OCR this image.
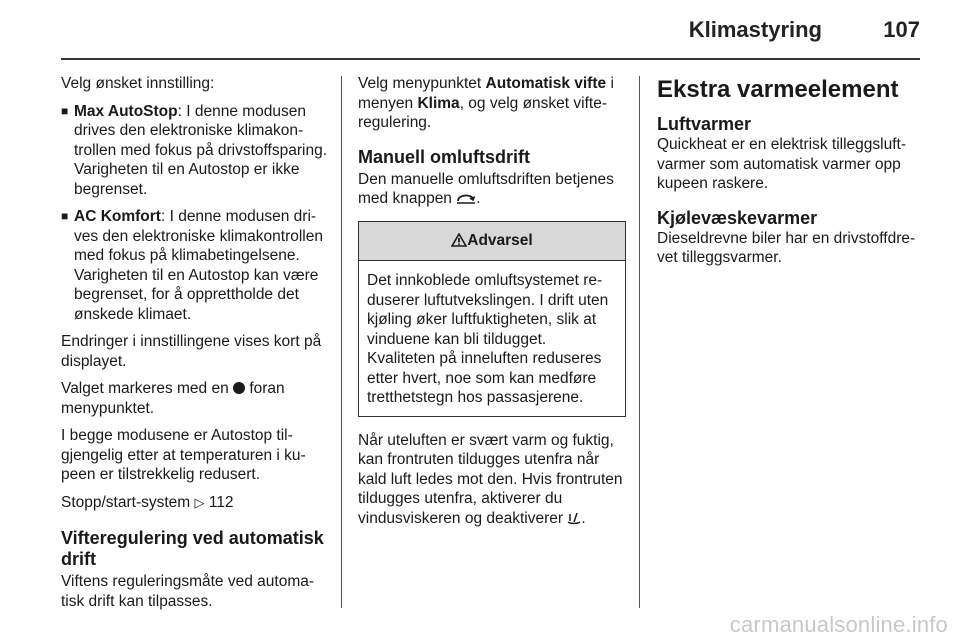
Klimastyring	107

Velg ønsket innstilling:

■ Max AutoStop: I denne modusen drives den elektroniske klimakontrollen med fokus på drivstoffsparing. Varigheten til en Autostop er ikke begrenset.
■ AC Komfort: I denne modusen drives den elektroniske klimakontrollen med fokus på klimabetingelsene. Varigheten til en Autostop kan være begrenset, for å opprettholde det ønskede klimaet.

Endringer i innstillingene vises kort på displayet.

Valget markeres med en foran menypunktet.

I begge modusene er Autostop tilgjengelig etter at temperaturen i kupeen er tilstrekkelig redusert.

Stopp/start-system ▷ 112

Vifteregulering ved automatisk drift

Viftens reguleringsmåte ved automatisk drift kan tilpasses.

Velg menypunktet Automatisk vifte i menyen Klima, og velg ønsket vifteregulering.

Manuell omluftsdrift

Den manuelle omluftsdriften betjenes med knappen .

Advarsel
Det innkoblede omluftsystemet reduserer luftutvekslingen. I drift uten kjøling øker luftfuktigheten, slik at vinduene kan bli tildugget. Kvaliteten på inneluften reduseres etter hvert, noe som kan medføre tretthetstegn hos passasjerene.

Når uteluften er svært varm og fuktig, kan frontruten tildugges utenfra når kald luft ledes mot den. Hvis frontruten tildugges utenfra, aktiverer du vindusviskeren og deaktiverer .

Ekstra varmeelement
Luftvarmer

Quickheat er en elektrisk tilleggsluftvarmer som automatisk varmer opp kupeen raskere.

Kjølevæskevarmer

Dieseldrevne biler har en drivstoffdrevet tilleggsvarmer.

carmanualsonline.info
